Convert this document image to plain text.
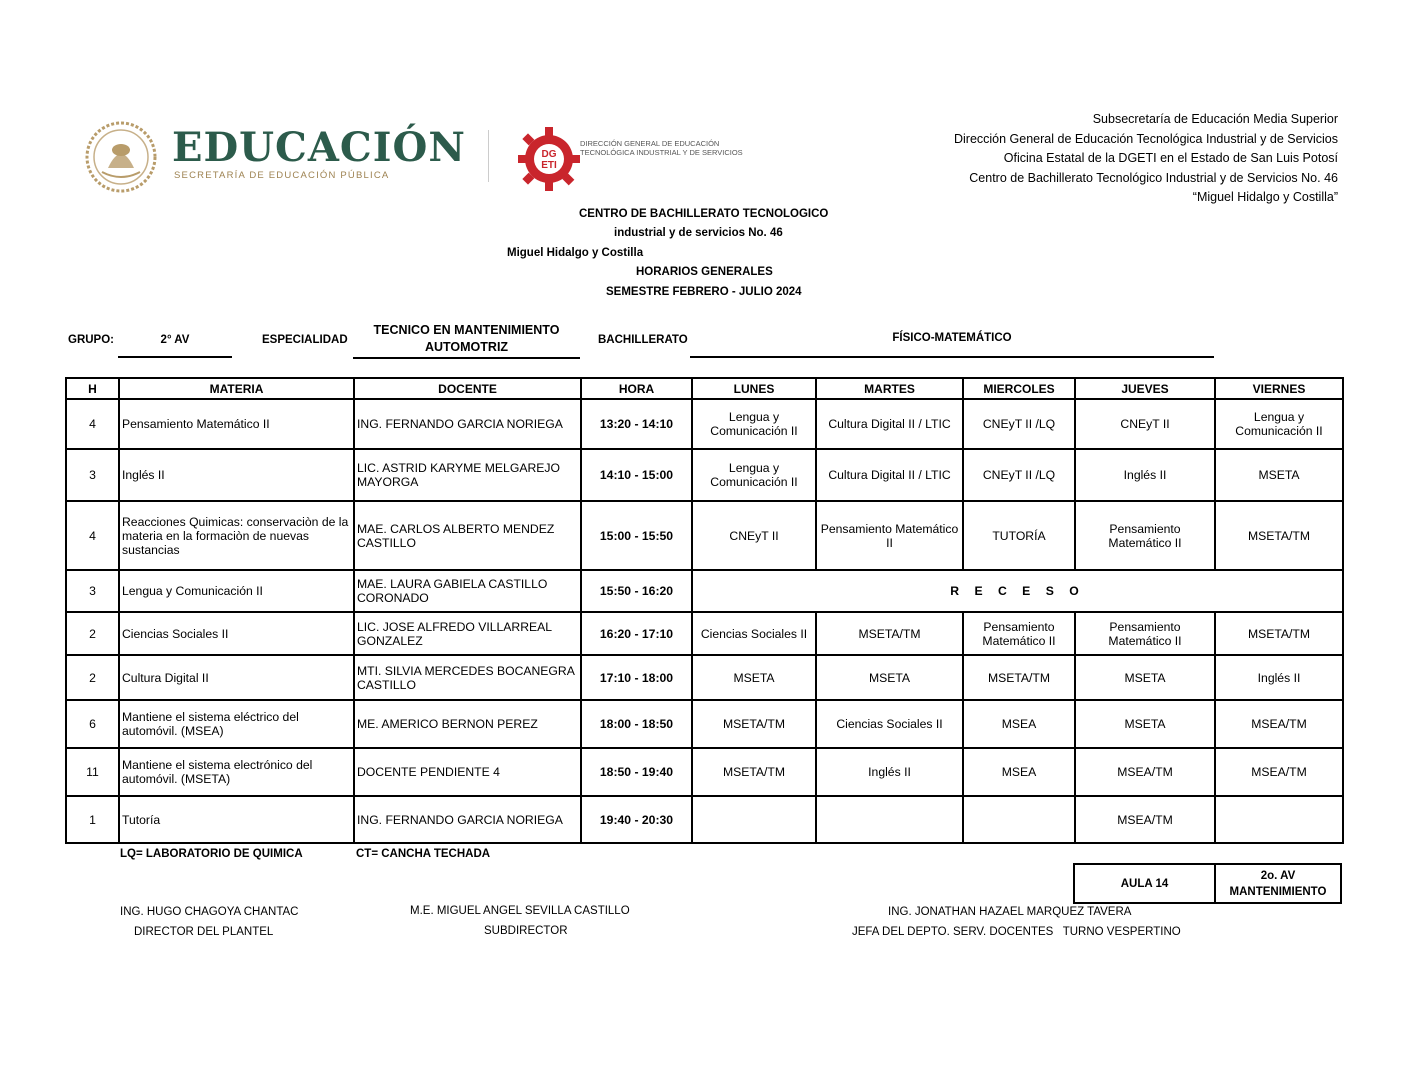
EDUCACIÓN
SECRETARÍA DE EDUCACIÓN PÚBLICA
DG
ETI
DIRECCIÓN GENERAL DE EDUCACIÓN
TECNOLÓGICA INDUSTRIAL Y DE SERVICIOS
Subsecretaría de Educación Media Superior
Dirección General de Educación Tecnológica Industrial y de Servicios
Oficina Estatal de la DGETI en el Estado de San Luis Potosí
Centro de Bachillerato Tecnológico Industrial y de Servicios No. 46
“Miguel Hidalgo y Costilla”
CENTRO DE BACHILLERATO TECNOLOGICO
industrial y de servicios No. 46
Miguel Hidalgo y Costilla
HORARIOS GENERALES
SEMESTRE FEBRERO - JULIO 2024
GRUPO:	2° AV	ESPECIALIDAD
TECNICO EN MANTENIMIENTO
AUTOMOTRIZ	BACHILLERATO	FÍSICO-MATEMÁTICO
H	MATERIA	DOCENTE	HORA	LUNES	MARTES	MIERCOLES	JUEVES	VIERNES
4	Pensamiento Matemático II	ING. FERNANDO GARCIA NORIEGA	13:20 - 14:10	Lengua y Comunicación II	Cultura Digital II / LTIC	CNEyT II /LQ	CNEyT II	Lengua y Comunicación II
3	Inglés II	LIC. ASTRID KARYME MELGAREJO MAYORGA	14:10 - 15:00	Lengua y Comunicación II	Cultura Digital II / LTIC	CNEyT II /LQ	Inglés II	MSETA
4	Reacciones Quimicas: conservaciòn de la materia en la formaciòn de nuevas sustancias	MAE. CARLOS ALBERTO MENDEZ CASTILLO	15:00 - 15:50	CNEyT II	Pensamiento Matemático II	TUTORÍA	Pensamiento Matemático II	MSETA/TM
3	Lengua y Comunicación II	MAE. LAURA GABIELA CASTILLO CORONADO	15:50 - 16:20	R E C E S O				
2	Ciencias Sociales II	LIC. JOSE ALFREDO VILLARREAL GONZALEZ	16:20 - 17:10	Ciencias Sociales II	MSETA/TM	Pensamiento Matemático II	Pensamiento Matemático II	MSETA/TM
2	Cultura Digital II	MTI. SILVIA MERCEDES BOCANEGRA CASTILLO	17:10 - 18:00	MSETA	MSETA	MSETA/TM	MSETA	Inglés II
6	Mantiene el sistema eléctrico del automóvil. (MSEA)	ME. AMERICO BERNON PEREZ	18:00 - 18:50	MSETA/TM	Ciencias Sociales II	MSEA	MSETA	MSEA/TM
11	Mantiene el sistema electrónico del automóvil. (MSETA)	DOCENTE PENDIENTE 4	18:50 - 19:40	MSETA/TM	Inglés II	MSEA	MSEA/TM	MSEA/TM
1	Tutoría	ING. FERNANDO GARCIA NORIEGA	19:40 - 20:30				MSEA/TM	
LQ= LABORATORIO DE QUIMICA	CT= CANCHA TECHADA
AULA 14	
2o. AV
MANTENIMIENTO
ING. HUGO CHAGOYA CHANTAC
DIRECTOR DEL PLANTEL
M.E. MIGUEL ANGEL SEVILLA CASTILLO
SUBDIRECTOR
ING. JONATHAN HAZAEL MARQUEZ TAVERA
JEFA DEL DEPTO. SERV. DOCENTES   TURNO VESPERTINO
